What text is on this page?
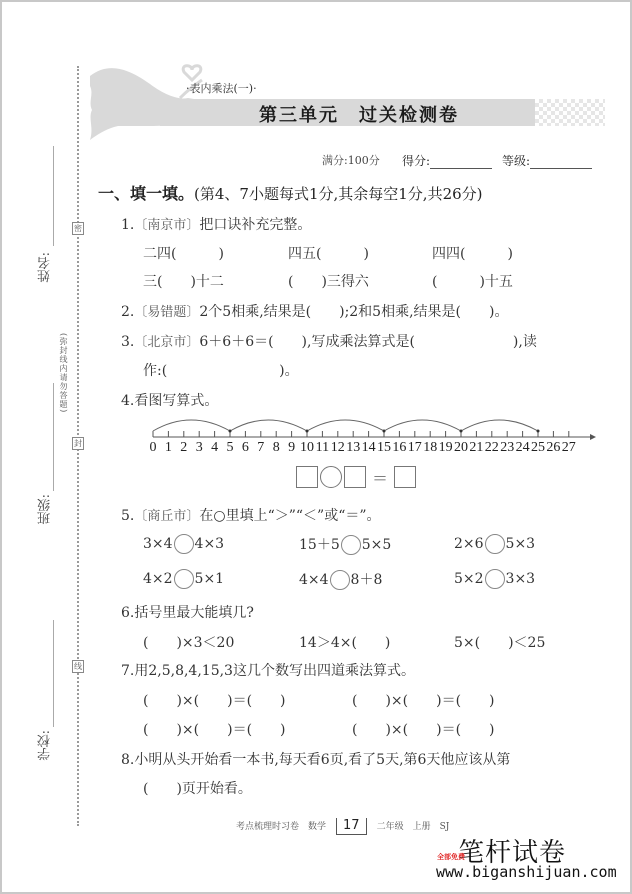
密
封
线
姓名:
(弥封线内请勿答题)
班级:
学校:
·表内乘法(一)·
第三单元　过关检测卷
满分:100分 得分:	等级:
一、填一填。(第4、7小题每式1分,其余每空1分,共26分)
1.〔南京市〕把口诀补充完整。
二四(　　　)	四五(　　　)	四四(　　　)
三(　　)十二	(　　)三得六	(　　　)十五
2.〔易错题〕2个5相乘,结果是(　　);2和5相乘,结果是(　　)。
3.〔北京市〕6＋6＋6＝(　　),写成乘法算式是(　　　　　　　),读
作:(　　　　　　　　)。
4.看图写算式。
0 1 2 3 4 5 6 7 8 9 10 11 12 13 14 15 16 17 18 19 20 21 22 23 24 25 26 27
＝
5.〔商丘市〕在○里填上“＞”“＜”或“＝”。
3×4 4×3	15＋5 5×5	2×6 5×3
4×2 5×1	4×4 8＋8	5×2 3×3
6.括号里最大能填几?
(　　)×3＜20	14＞4×(　　)	5×(　　)＜25
7.用2,5,8,4,15,3这几个数写出四道乘法算式。
(　　)×(　　)＝(　　)	(　　)×(　　)＝(　　)
(　　)×(　　)＝(　　)	(　　)×(　　)＝(　　)
8.小明从头开始看一本书,每天看6页,看了5天,第6天他应该从第
(　　)页开始看。
考点梳理时习卷　数学 17 二年级　上册　SJ
笔杆试卷
全部免费
www.biganshijuan.com
